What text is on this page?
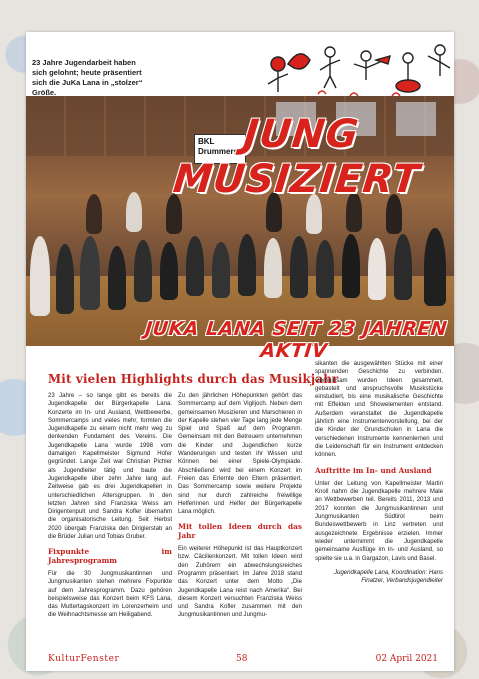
BKL Drummers
23 Jahre Jugendarbeit haben sich gelohnt; heute präsentiert sich die JuKa Lana in „stolzer“ Größe.
JUNG MUSIZIERT
JUKA LANA SEIT 23 JAHREN AKTIV
Mit vielen Highlights durch das Musikjahr

23 Jahre – so lange gibt es bereits die Jugendkapelle der Bürgerkapelle Lana. Konzerte im In- und Ausland, Wettbewerbe, Sommercamps und vieles mehr, formten die Jugendkapelle zu einem nicht mehr weg zu denkenden Fundament des Vereins. Die Jugendkapelle Lana wurde 1998 vom damaligen Kapellmeister Sigmund Hofer gegründet. Lange Zeit war Christian Pichler als Jugendleiter tätig und baute die Jugendkapelle über zehn Jahre lang auf. Zeitweise gab es drei Jugendkapellen in unterschiedlichen Altersgruppen. In den letzten Jahren sind Franziska Weiss am Dirigentenpult und Sandra Kofler übernahm die organisatorische Leitung. Seit Herbst 2020 übergab Franziska den Dirigierstab an die Brüder Julian und Tobias Gruber.

Fixpunkte im Jahresprogramm

Für die 30 Jungmusikantinnen und Jungmusikanten stehen mehrere Fixpunkte auf dem Jahresprogramm. Dazu gehören beispielsweise das Konzert beim KFS Lana, das Muttertagskonzert im Lorenzerheim und die Weihnachtsmesse am Heiligabend.

Zu den jährlichen Höhepunkten gehört das Sommercamp auf dem Vigiljoch. Neben dem gemeinsamen Musizieren und Marschieren in der Kapelle stehen vier Tage lang jede Menge Spiel und Spaß auf dem Programm. Gemeinsam mit den Betreuern unternehmen die Kinder und Jugendlichen kurze Wanderungen und testen ihr Wissen und Können bei einer Spiele-Olympiade. Abschließend wird bei einem Konzert im Freien das Erlernte den Eltern präsentiert. Das Sommercamp sowie weitere Projekte sind nur durch zahlreiche freiwillige Helferinnen und Helfer der Bürgerkapelle Lana möglich.

Mit tollen Ideen durch das Jahr

Ein weiterer Höhepunkt ist das Hauptkonzert bzw. Cäcilienkonzert. Mit tollen Ideen wird den Zuhörern ein abwechslungsreiches Programm präsentiert. Im Jahre 2018 stand das Konzert unter dem Motto „Die Jugendkapelle Lana reist nach Amerika“. Bei diesem Konzert versuchten Franziska Weiss und Sandra Kofler zusammen mit den Jungmusikantinnen und Jungmu-

sikanten die ausgewählten Stücke mit einer spannenden Geschichte zu verbinden. Gemeinsam wurden Ideen gesammelt, gebastelt und anspruchsvolle Musikstücke einstudiert, bis eine musikalische Geschichte mit Effekten und Showelementen entstand. Außerdem veranstaltet die Jugendkapelle jährlich eine Instrumentenvorstellung, bei der die Kinder der Grundschulen in Lana die verschiedenen Instrumente kennenlernen und die Leidenschaft für ein Instrument entdecken können.

Auftritte im In- und Ausland

Unter der Leitung von Kapellmeister Martin Knoll nahm die Jugendkapelle mehrere Male an Wettbewerben teil. Bereits 2011, 2013 und 2017 konnten die Jungmusikantinnen und Jungmusikanten Südtirol beim Bundeswettbewerb in Linz vertreten und ausgezeichnete Ergebnisse erzielen. Immer wieder unternimmt die Jugendkapelle gemeinsame Ausflüge im In- und Ausland, so spielte sie u.a. in Gargazon, Lavis und Basel.

Jugendkapelle Lana, Koordination: Hans Finatzer, Verbandsjugendleiter

KulturFenster	58	02 April 2021
